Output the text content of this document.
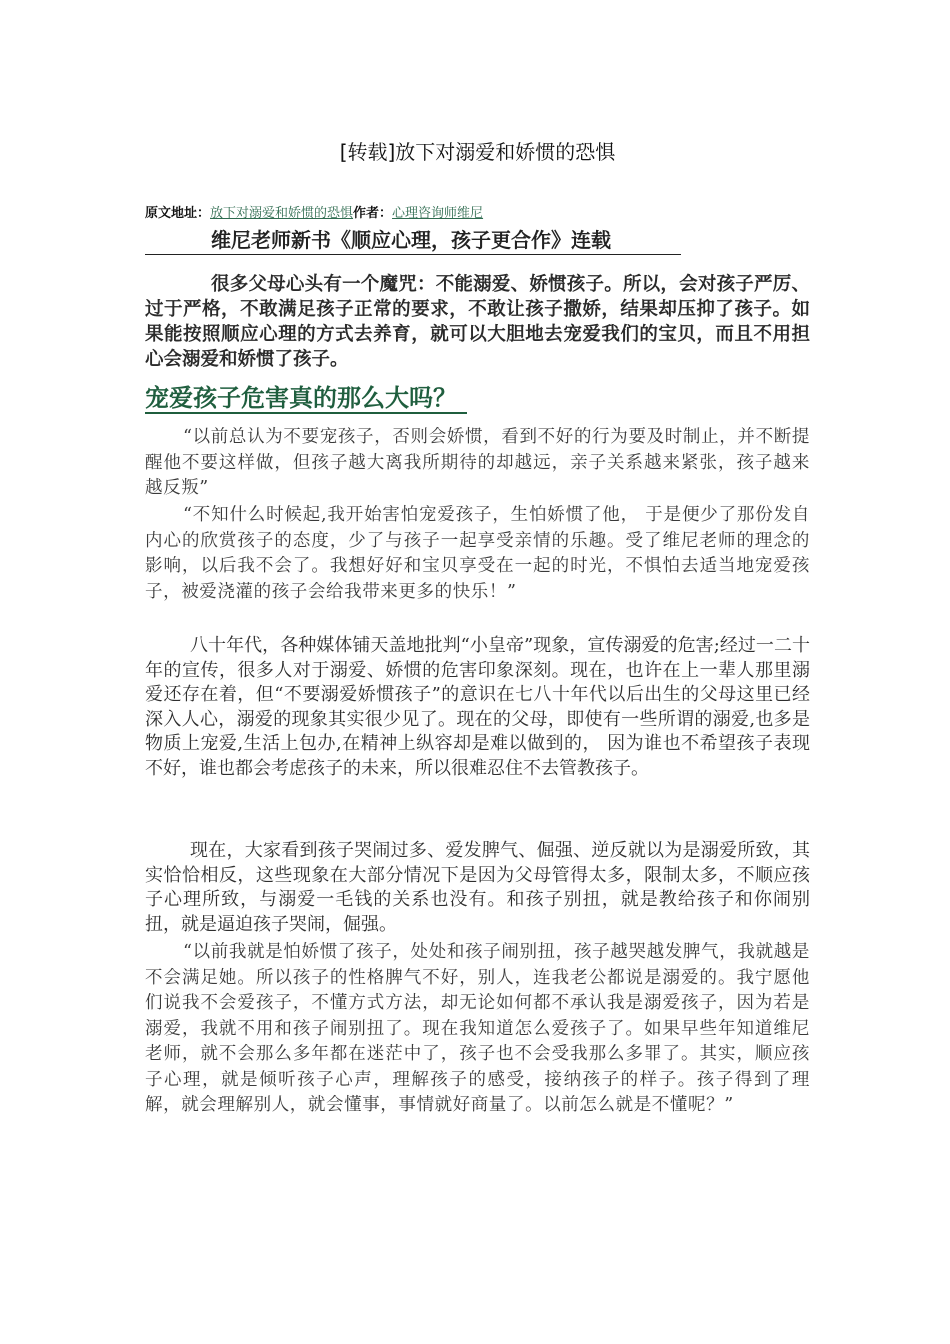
[转载]放下对溺爱和娇惯的恐惧
原文地址：放下对溺爱和娇惯的恐惧作者：心理咨询师维尼
维尼老师新书《顺应心理，孩子更合作》连载
很多父母心头有一个魔咒：不能溺爱、娇惯孩子。所以，会对孩子严厉、过于严格，不敢满足孩子正常的要求，不敢让孩子撒娇，结果却压抑了孩子。如果能按照顺应心理的方式去养育，就可以大胆地去宠爱我们的宝贝，而且不用担心会溺爱和娇惯了孩子。
宠爱孩子危害真的那么大吗？
“以前总认为不要宠孩子，否则会娇惯，看到不好的行为要及时制止，并不断提醒他不要这样做，但孩子越大离我所期待的却越远，亲子关系越来紧张，孩子越来越反叛”
“不知什么时候起,我开始害怕宠爱孩子，生怕娇惯了他， 于是便少了那份发自内心的欣赏孩子的态度，少了与孩子一起享受亲情的乐趣。受了维尼老师的理念的影响，以后我不会了。我想好好和宝贝享受在一起的时光，不惧怕去适当地宠爱孩子，被爱浇灌的孩子会给我带来更多的快乐！”
八十年代，各种媒体铺天盖地批判“小皇帝”现象，宣传溺爱的危害;经过一二十年的宣传，很多人对于溺爱、娇惯的危害印象深刻。现在，也许在上一辈人那里溺爱还存在着，但“不要溺爱娇惯孩子”的意识在七八十年代以后出生的父母这里已经深入人心，溺爱的现象其实很少见了。现在的父母，即使有一些所谓的溺爱,也多是物质上宠爱,生活上包办,在精神上纵容却是难以做到的， 因为谁也不希望孩子表现不好，谁也都会考虑孩子的未来，所以很难忍住不去管教孩子。
现在，大家看到孩子哭闹过多、爱发脾气、倔强、逆反就以为是溺爱所致，其实恰恰相反，这些现象在大部分情况下是因为父母管得太多，限制太多，不顺应孩子心理所致，与溺爱一毛钱的关系也没有。和孩子别扭，就是教给孩子和你闹别扭，就是逼迫孩子哭闹，倔强。
“以前我就是怕娇惯了孩子，处处和孩子闹别扭，孩子越哭越发脾气，我就越是不会满足她。所以孩子的性格脾气不好，别人，连我老公都说是溺爱的。我宁愿他们说我不会爱孩子，不懂方式方法，却无论如何都不承认我是溺爱孩子，因为若是溺爱，我就不用和孩子闹别扭了。现在我知道怎么爱孩子了。如果早些年知道维尼老师，就不会那么多年都在迷茫中了，孩子也不会受我那么多罪了。其实，顺应孩子心理，就是倾听孩子心声，理解孩子的感受，接纳孩子的样子。孩子得到了理解，就会理解别人，就会懂事，事情就好商量了。以前怎么就是不懂呢？”
